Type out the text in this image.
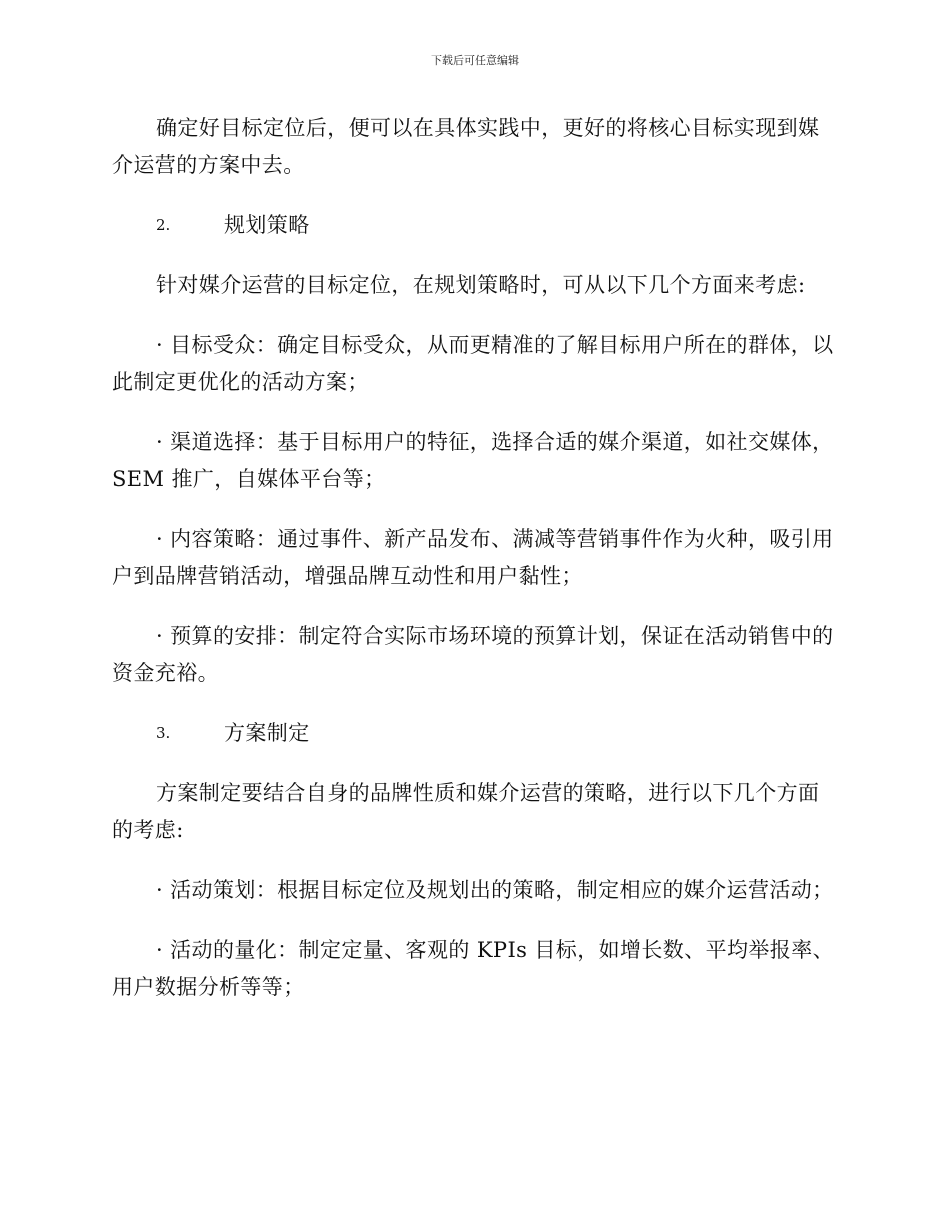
下载后可任意编辑

确定好目标定位后，便可以在具体实践中，更好的将核心目标实现到媒介运营的方案中去。

2.	规划策略

针对媒介运营的目标定位，在规划策略时，可从以下几个方面来考虑:

· 目标受众：确定目标受众，从而更精准的了解目标用户所在的群体，以此制定更优化的活动方案；

· 渠道选择：基于目标用户的特征，选择合适的媒介渠道，如社交媒体，SEM 推广，自媒体平台等；

· 内容策略：通过事件、新产品发布、满减等营销事件作为火种，吸引用户到品牌营销活动，增强品牌互动性和用户黏性；

· 预算的安排：制定符合实际市场环境的预算计划，保证在活动销售中的资金充裕。

3.	方案制定

方案制定要结合自身的品牌性质和媒介运营的策略，进行以下几个方面的考虑:

· 活动策划：根据目标定位及规划出的策略，制定相应的媒介运营活动；

· 活动的量化：制定定量、客观的 KPIs 目标，如增长数、平均举报率、用户数据分析等等；
